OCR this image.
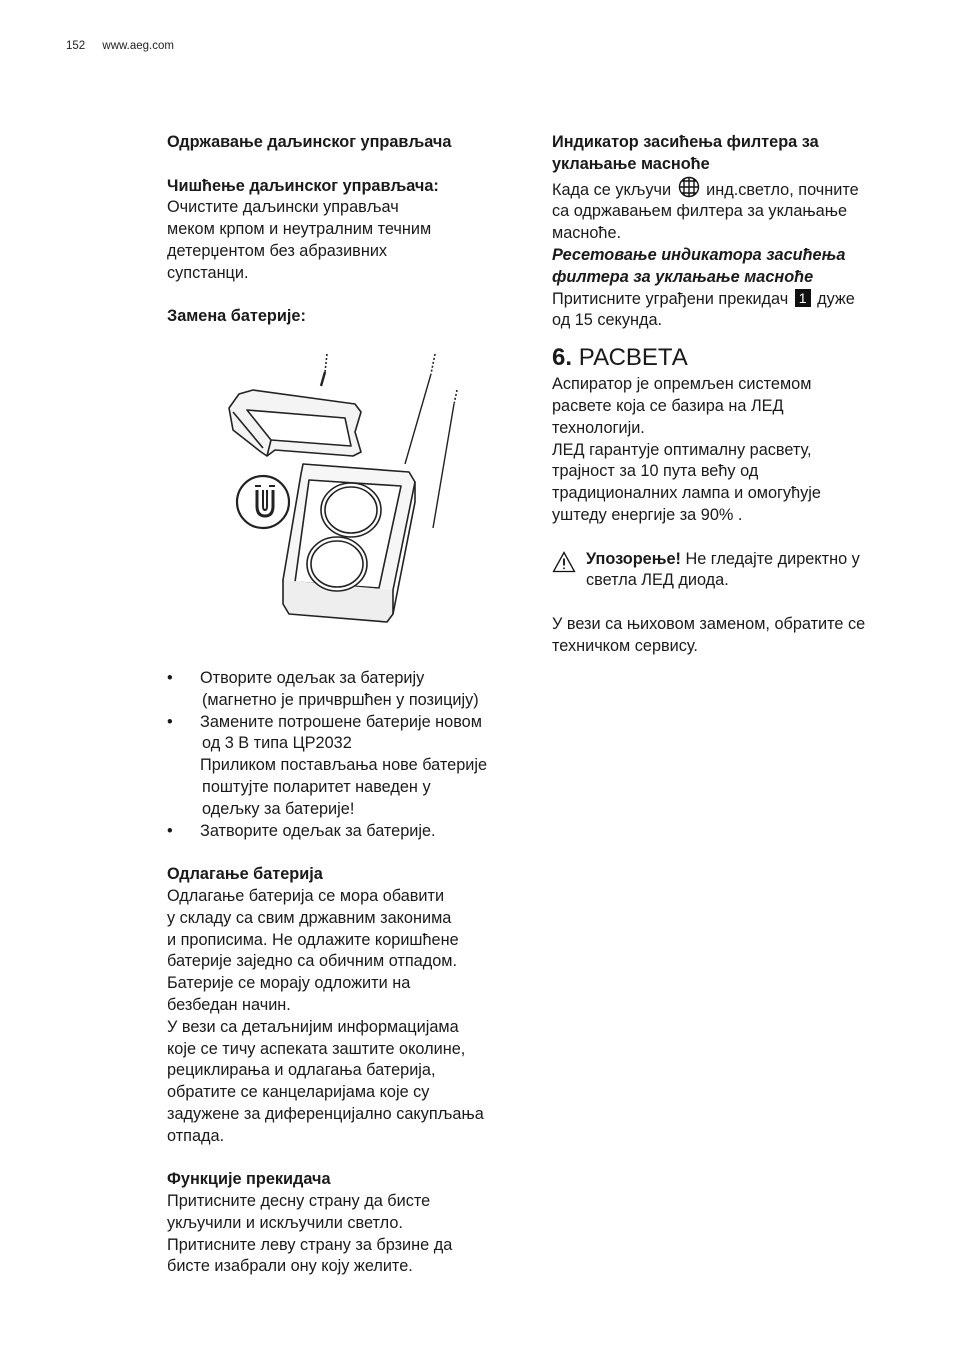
152 www.aeg.com

Одржавање даљинског управљача

Чишћење даљинског управљача:

Очистите даљински управљач

меком крпом и неутралним течним

детерџентом без абразивних

супстанци.

Замена батерије:

• Отворите одељак за батерију
(магнетно је причвршћен у позицију)
• Замените потрошене батерије новом
од 3 В типа ЦР2032
Приликом постављања нове батерије
поштујте поларитет наведен у
одељку за батерије!
• Затворите одељак за батерије.

Одлагање батерија

Одлагање батерија се мора обавити

у складу са свим државним законима

и прописима. Не одлажите коришћене

батерије заједно са обичним отпадом.

Батерије се морају одложити на

безбедан начин.

У вези са детаљнијим информацијама

које се тичу аспеката заштите околине,

рециклирања и одлагања батерија,

обратите се канцеларијама које су

задужене за диференцијално сакупљања

отпада.

Функције прекидача

Притисните десну страну да бисте

укључили и искључили светло.

Притисните леву страну за брзине да

бисте изабрали ону коју желите.

Индикатор засићења филтера за

уклањање масноће

Када се укључи инд.светло, почните

са одржавањем филтера за уклањање

масноће.

Ресетовање индикатора засићења

филтера за уклањање масноће

Притисните уграђени прекидач 1 дуже

од 15 секунда.

6. РАСВЕТА

Аспиратор је опремљен системом

расвете која се базира на ЛЕД

технологији.

ЛЕД гарантује оптималну расвету,

трајност за 10 пута већу од

традиционалних лампа и омогућује

уштеду енергије за 90% .

Упозорење! Не гледајте директно у

светла ЛЕД диода.

У вези са њиховом заменом, обратите се

техничком сервису.
